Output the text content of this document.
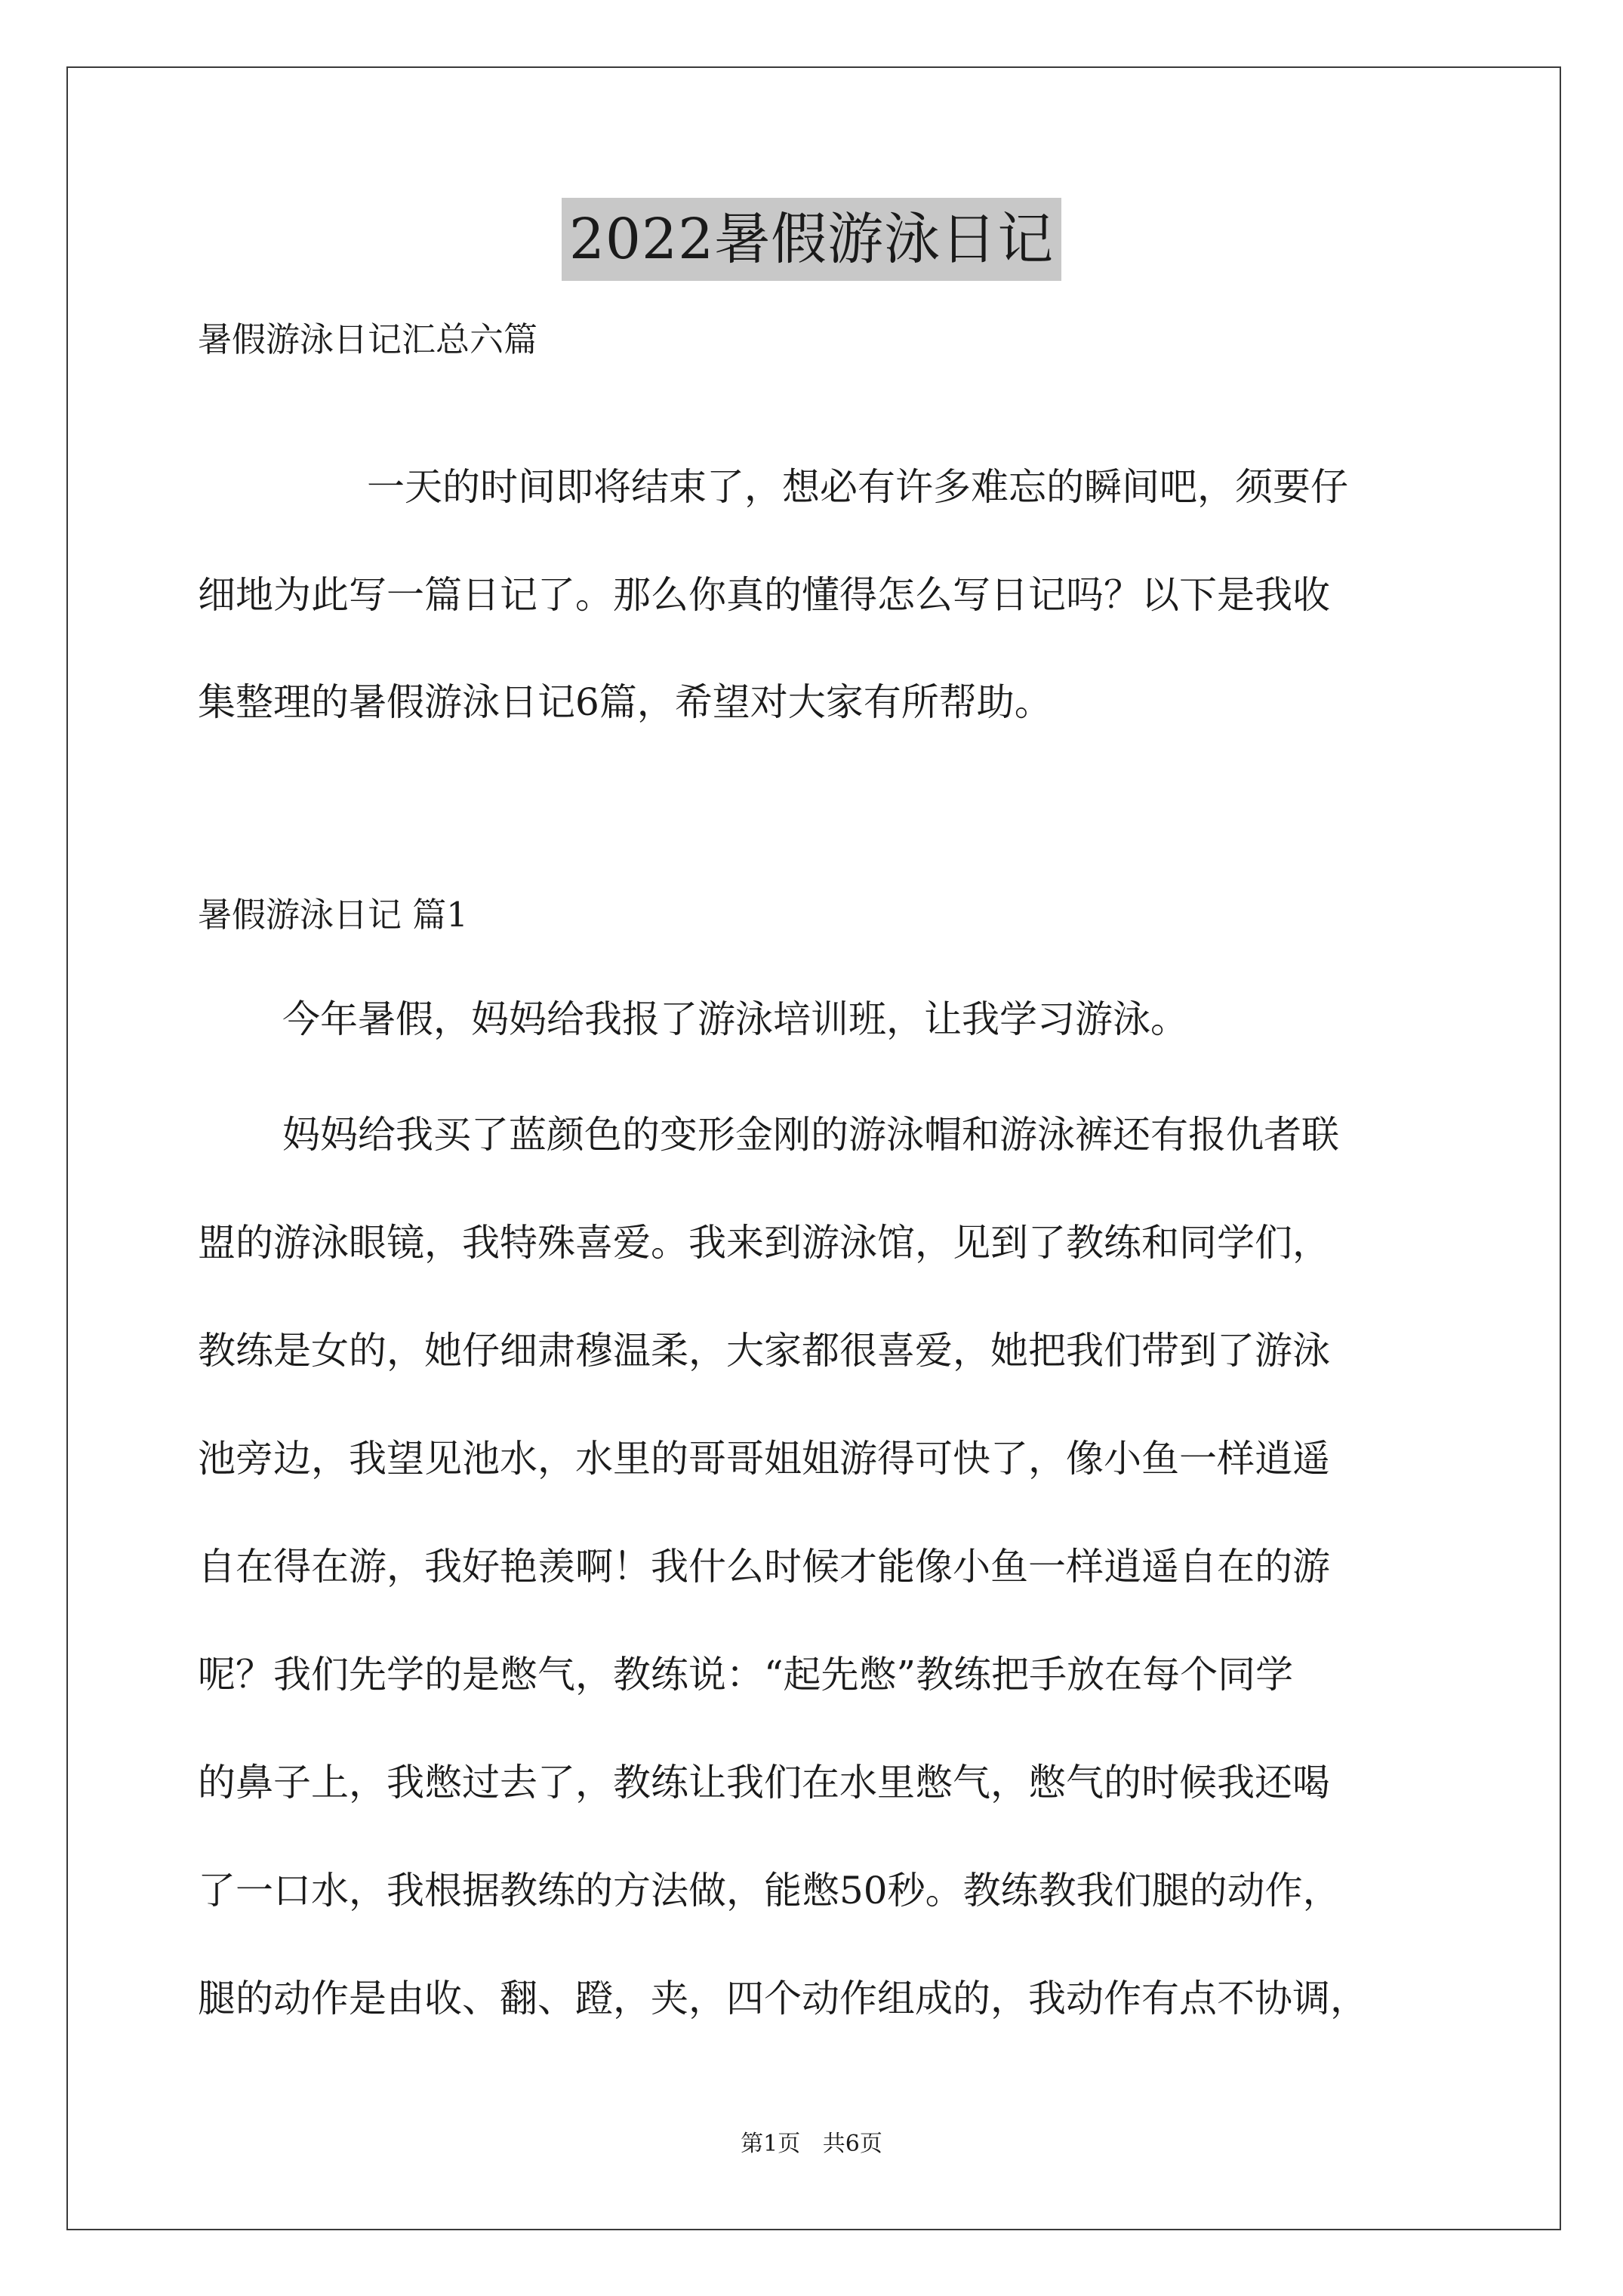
2022暑假游泳日记
暑假游泳日记汇总六篇
一天的时间即将结束了，想必有许多难忘的瞬间吧，须要仔
细地为此写一篇日记了。那么你真的懂得怎么写日记吗？以下是我收
集整理的暑假游泳日记6篇，希望对大家有所帮助。
暑假游泳日记 篇1
今年暑假，妈妈给我报了游泳培训班，让我学习游泳。
妈妈给我买了蓝颜色的变形金刚的游泳帽和游泳裤还有报仇者联
盟的游泳眼镜，我特殊喜爱。我来到游泳馆，见到了教练和同学们，
教练是女的，她仔细肃穆温柔，大家都很喜爱，她把我们带到了游泳
池旁边，我望见池水，水里的哥哥姐姐游得可快了，像小鱼一样逍遥
自在得在游，我好艳羡啊！我什么时候才能像小鱼一样逍遥自在的游
呢？我们先学的是憋气，教练说：“起先憋”教练把手放在每个同学
的鼻子上，我憋过去了，教练让我们在水里憋气，憋气的时候我还喝
了一口水，我根据教练的方法做，能憋50秒。教练教我们腿的动作，
腿的动作是由收、翻、蹬，夹，四个动作组成的，我动作有点不协调，
第1页 共6页
